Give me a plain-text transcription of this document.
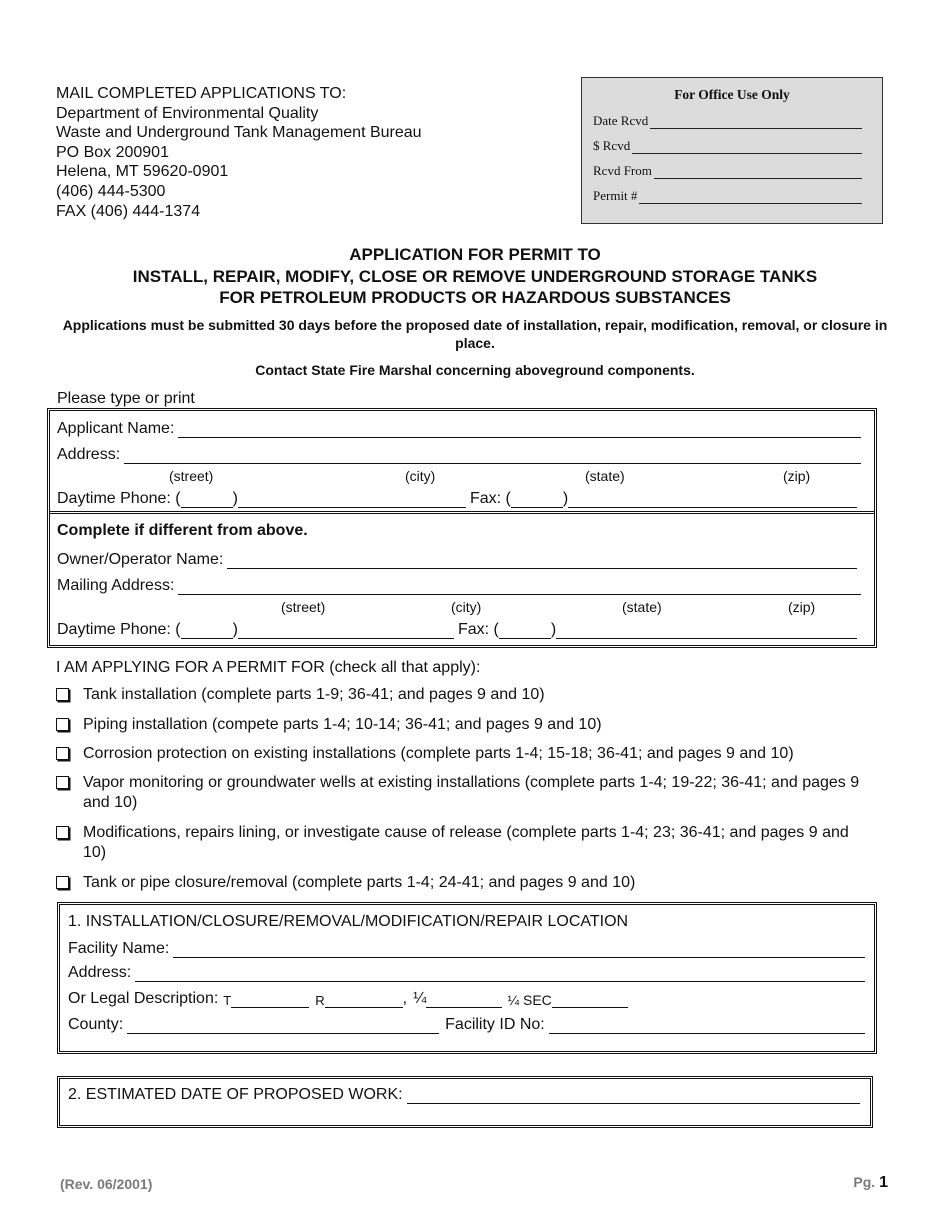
MAIL COMPLETED APPLICATIONS TO:
Department of Environmental Quality
Waste and Underground Tank Management Bureau
PO Box 200901
Helena, MT 59620-0901
(406) 444-5300
FAX (406) 444-1374
For Office Use Only
Date Rcvd
$ Rcvd
Rcvd From
Permit #
APPLICATION FOR PERMIT TO
INSTALL, REPAIR, MODIFY, CLOSE OR REMOVE UNDERGROUND STORAGE TANKS
FOR PETROLEUM PRODUCTS OR HAZARDOUS SUBSTANCES
Applications must be submitted 30 days before the proposed date of installation, repair, modification, removal, or closure in place.
Contact State Fire Marshal concerning aboveground components.
Please type or print
Applicant Name:
Address:
(street)	(city)	(state)	(zip)
Daytime Phone: (	)	Fax: (	)
Complete if different from above.
Owner/Operator Name:
Mailing Address:
(street)	(city)	(state)	(zip)
Daytime Phone: (	)	Fax: (	)
I AM APPLYING FOR A PERMIT FOR (check all that apply):
Tank installation (complete parts 1-9; 36-41; and pages 9 and 10)
Piping installation (compete parts 1-4; 10-14; 36-41; and pages 9 and 10)
Corrosion protection on existing installations (complete parts 1-4; 15-18; 36-41; and pages 9 and 10)
Vapor monitoring or groundwater wells at existing installations (complete parts 1-4; 19-22; 36-41; and pages 9 and 10)
Modifications, repairs lining, or investigate cause of release (complete parts 1-4; 23; 36-41; and pages 9 and 10)
Tank or pipe closure/removal (complete parts 1-4; 24-41; and pages 9 and 10)
1. INSTALLATION/CLOSURE/REMOVAL/MODIFICATION/REPAIR LOCATION
Facility Name:
Address:
Or Legal Description: T	R	, ¼	¼ SEC
County:	Facility ID No:
2. ESTIMATED DATE OF PROPOSED WORK:
(Rev. 06/2001)	Pg. 1
